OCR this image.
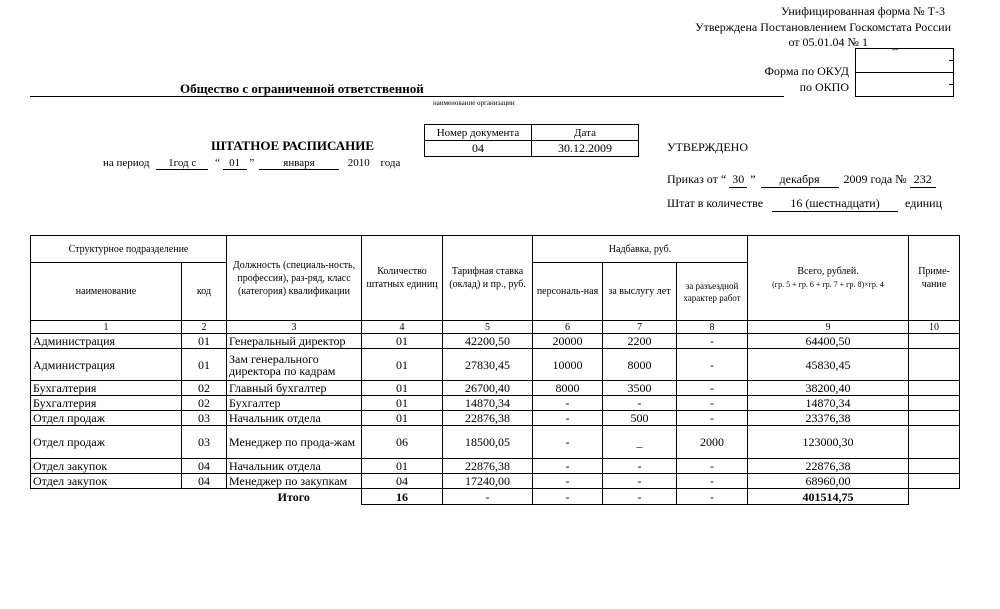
Унифицированная форма № Т-3
Утверждена Постановлением Госкомстата России
от 05.01.04 № 1
Форма по ОКУД
по ОКПО
--
Общество с ограниченной ответственной
наименование организации
Номер документа	Дата
04	30.12.2009
ШТАТНОЕ РАСПИСАНИЕ
на период 1год с “ 01 ”	января	2010 года
УТВЕРЖДЕНО
Приказ от “ 30 ” декабря 2009 года № 232
Штат в количестве 16 (шестнадцати) единиц
Структурное подразделение		Должность (специаль-ность, профессия), раз-ряд, класс (категория) квалификации	Количество штатных единиц	Тарифная ставка (оклад) и пр., руб.	Надбавка, руб.			Всего, рублей.
(гр. 5 + гр. 6 + гр. 7 + гр. 8)×гр. 4	Приме-чание
наименование	код				персональ-ная	за выслугу лет	за разъездной характер работ		
1	2	3	4	5	6	7	8	9	10
Администрация	01	Генеральный директор	01	42200,50	20000	2200	-	64400,50	
Администрация	01	Зам генерального директора по кадрам	01	27830,45	10000	8000	-	45830,45	
Бухгалтерия	02	Главный бухгалтер	01	26700,40	8000	3500	-	38200,40	
Бухгалтерия	02	Бухгалтер	01	14870,34	-	-	-	14870,34	
Отдел продаж	03	Начальник отдела	01	22876,38	-	500	-	23376,38	
Отдел продаж	03	Менеджер по прода-жам	06	18500,05	-	_	2000	123000,30	
Отдел закупок	04	Начальник отдела	01	22876,38	-	-	-	22876,38	
Отдел закупок	04	Менеджер по закупкам	04	17240,00	-	-	-	68960,00	
		Итого	16	-	-	-	-	401514,75	
